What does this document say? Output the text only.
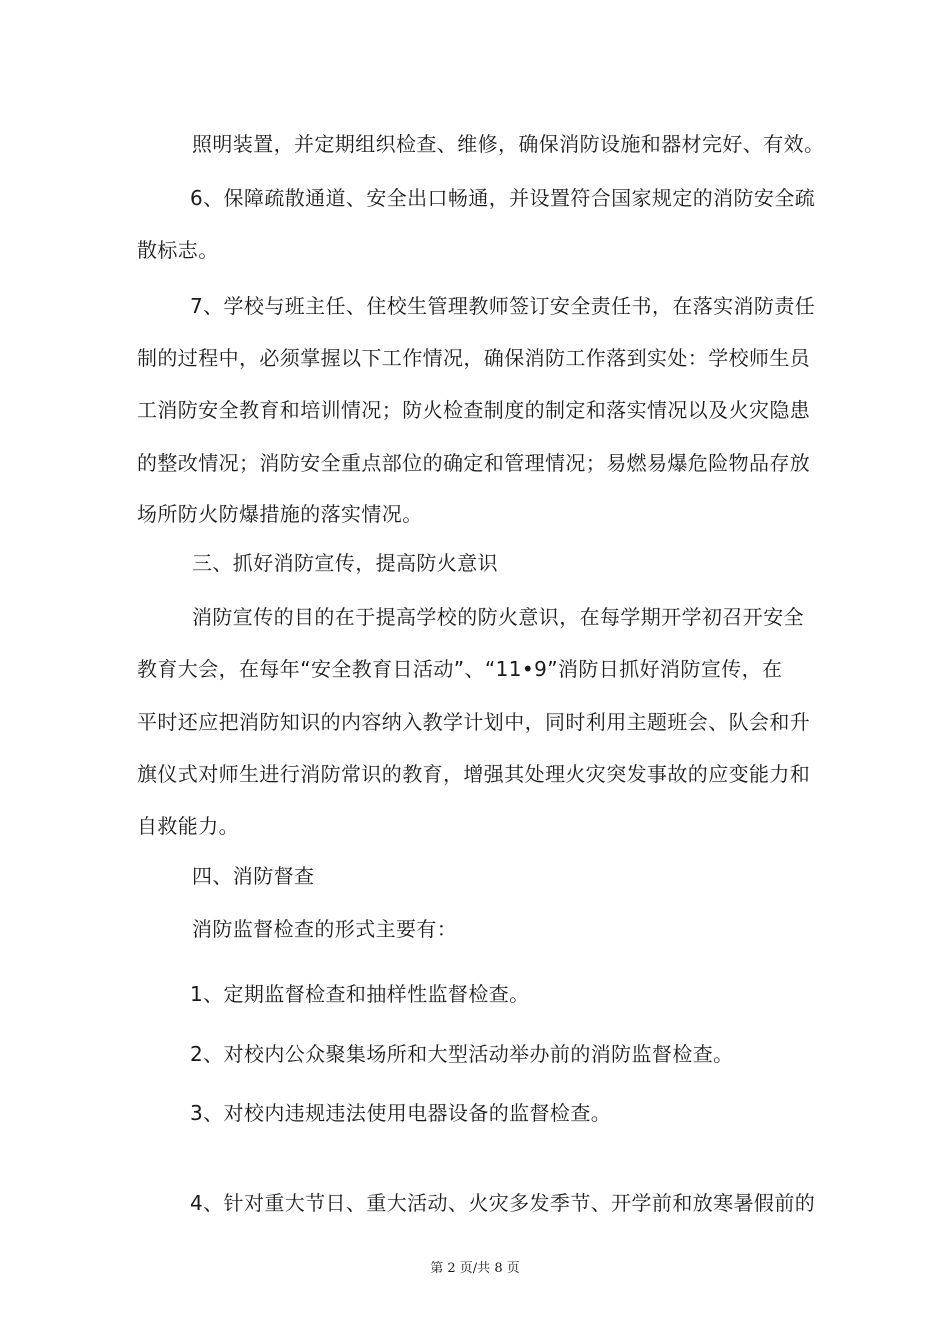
照明装置，并定期组织检查、维修，确保消防设施和器材完好、有效。
6、保障疏散通道、安全出口畅通，并设置符合国家规定的消防安全疏
散标志。
7、学校与班主任、住校生管理教师签订安全责任书，在落实消防责任
制的过程中，必须掌握以下工作情况，确保消防工作落到实处：学校师生员
工消防安全教育和培训情况；防火检查制度的制定和落实情况以及火灾隐患
的整改情况；消防安全重点部位的确定和管理情况；易燃易爆危险物品存放
场所防火防爆措施的落实情况。
三、抓好消防宣传，提高防火意识
消防宣传的目的在于提高学校的防火意识，在每学期开学初召开安全
教育大会，在每年“安全教育日活动”、“11•9”消防日抓好消防宣传，在
平时还应把消防知识的内容纳入教学计划中，同时利用主题班会、队会和升
旗仪式对师生进行消防常识的教育，增强其处理火灾突发事故的应变能力和
自救能力。
四、消防督查
消防监督检查的形式主要有：
1、定期监督检查和抽样性监督检查。
2、对校内公众聚集场所和大型活动举办前的消防监督检查。
3、对校内违规违法使用电器设备的监督检查。
4、针对重大节日、重大活动、火灾多发季节、开学前和放寒暑假前的
第 2 页/共 8 页
